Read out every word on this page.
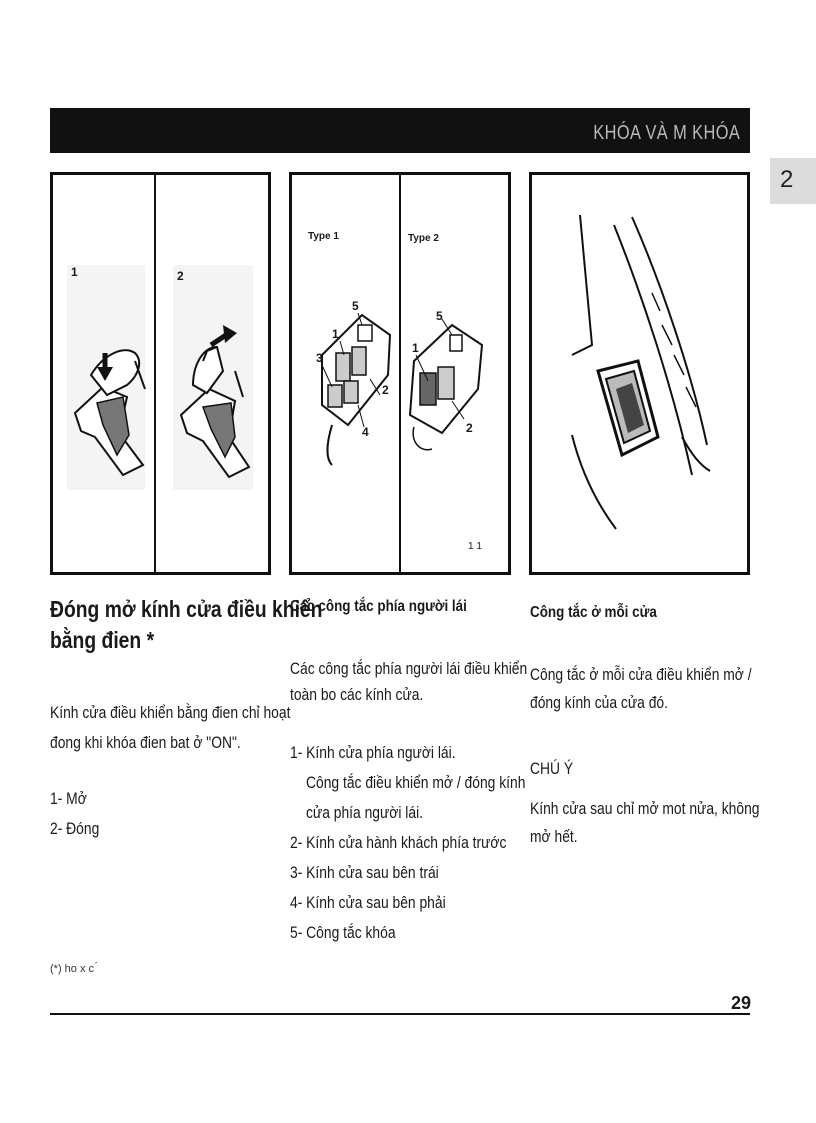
KHÓA VÀ M KHÓA
2
1	2
Type 1	Type 2
5
1
3
2
4
5
1
2
1 1
Đóng mở kính cửa điều khiển
bằng đien *
Kính cửa điều khiển bằng đien chỉ hoạt
đong khi khóa đien bat ở "ON".
1- Mở
2- Đóng
(*) ho x c ́
Các công tắc phía người lái
Các công tắc phía người lái điều khiển
toàn bo các kính cửa.
1- Kính cửa phía người lái.
Công tắc điều khiển mở / đóng kính
cửa phía người lái.
2- Kính cửa hành khách phía trước
3- Kính cửa sau bên trái
4- Kính cửa sau bên phải
5- Công tắc khóa
Công tắc ở mỗi cửa
Công tắc ở mỗi cửa điều khiển mở /
đóng kính của cửa đó.
CHÚ Ý
Kính cửa sau chỉ mở mot nửa, không
mở hết.
29
